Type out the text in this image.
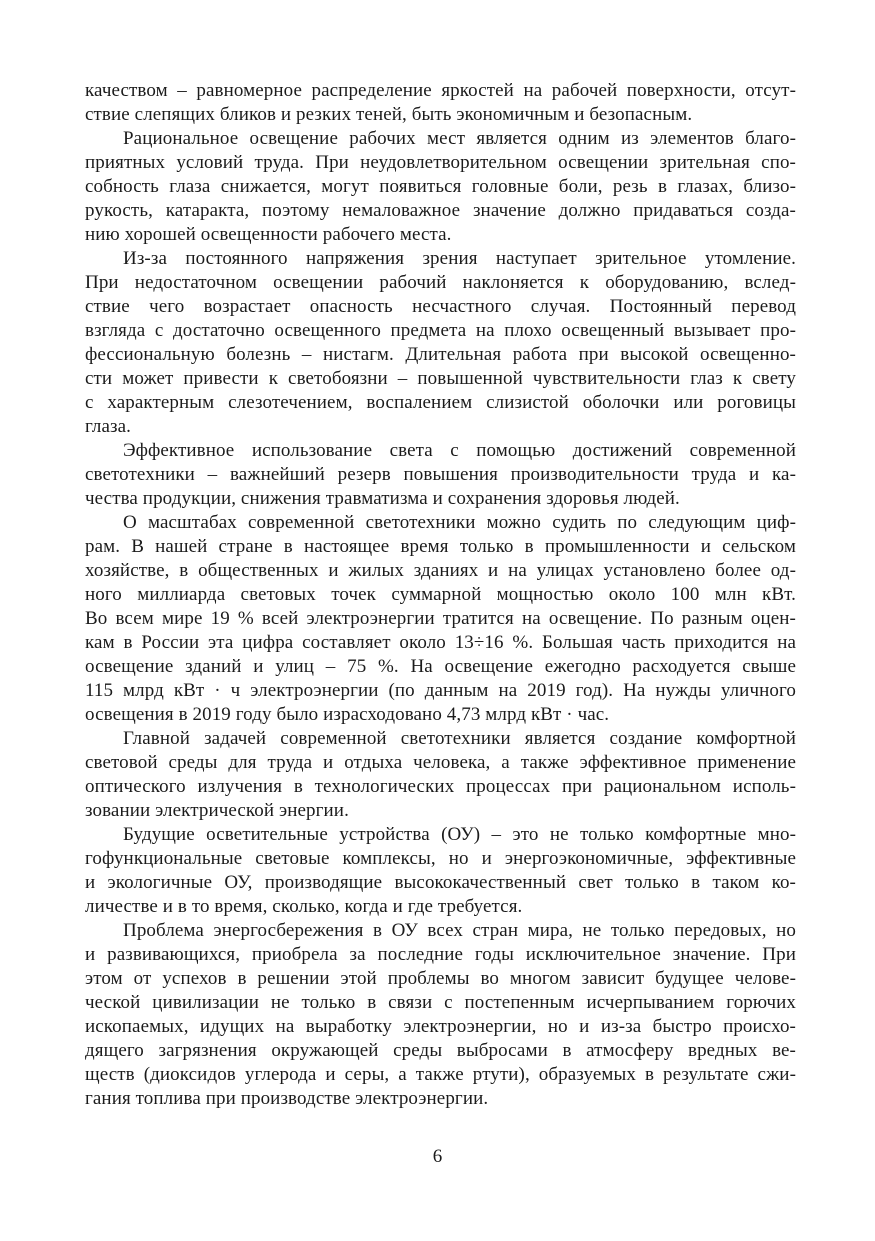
качеством – равномерное распределение яркостей на рабочей поверхности, отсут-
ствие слепящих бликов и резких теней, быть экономичным и безопасным.

Рациональное освещение рабочих мест является одним из элементов благо-
приятных условий труда. При неудовлетворительном освещении зрительная спо-
собность глаза снижается, могут появиться головные боли, резь в глазах, близо-
рукость, катаракта, поэтому немаловажное значение должно придаваться созда-
нию хорошей освещенности рабочего места.

Из-за постоянного напряжения зрения наступает зрительное утомление.
При недостаточном освещении рабочий наклоняется к оборудованию, вслед-
ствие чего возрастает опасность несчастного случая. Постоянный перевод
взгляда с достаточно освещенного предмета на плохо освещенный вызывает про-
фессиональную болезнь – нистагм. Длительная работа при высокой освещенно-
сти может привести к светобоязни – повышенной чувствительности глаз к свету
с характерным слезотечением, воспалением слизистой оболочки или роговицы
глаза.

Эффективное использование света с помощью достижений современной
светотехники – важнейший резерв повышения производительности труда и ка-
чества продукции, снижения травматизма и сохранения здоровья людей.

О масштабах современной светотехники можно судить по следующим циф-
рам. В нашей стране в настоящее время только в промышленности и сельском
хозяйстве, в общественных и жилых зданиях и на улицах установлено более од-
ного миллиарда световых точек суммарной мощностью около 100 млн кВт.
Во всем мире 19 % всей электроэнергии тратится на освещение. По разным оцен-
кам в России эта цифра составляет около 13÷16 %. Большая часть приходится на
освещение зданий и улиц – 75 %. На освещение ежегодно расходуется свыше
115 млрд кВт · ч электроэнергии (по данным на 2019 год). На нужды уличного
освещения в 2019 году было израсходовано 4,73 млрд кВт · час.

Главной задачей современной светотехники является создание комфортной
световой среды для труда и отдыха человека, а также эффективное применение
оптического излучения в технологических процессах при рациональном исполь-
зовании электрической энергии.

Будущие осветительные устройства (ОУ) – это не только комфортные мно-
гофункциональные световые комплексы, но и энергоэкономичные, эффективные
и экологичные ОУ, производящие высококачественный свет только в таком ко-
личестве и в то время, сколько, когда и где требуется.

Проблема энергосбережения в ОУ всех стран мира, не только передовых, но
и развивающихся, приобрела за последние годы исключительное значение. При
этом от успехов в решении этой проблемы во многом зависит будущее челове-
ческой цивилизации не только в связи с постепенным исчерпыванием горючих
ископаемых, идущих на выработку электроэнергии, но и из-за быстро происхо-
дящего загрязнения окружающей среды выбросами в атмосферу вредных ве-
ществ (диоксидов углерода и серы, а также ртути), образуемых в результате сжи-
гания топлива при производстве электроэнергии.

6
